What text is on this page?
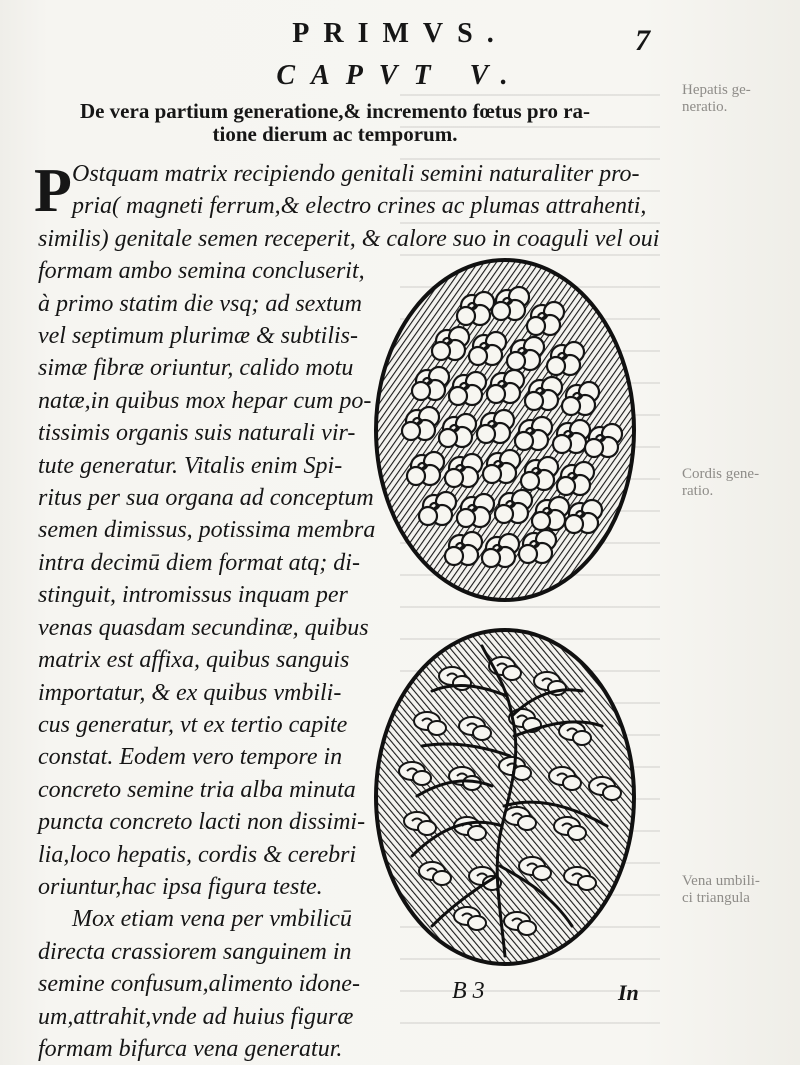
Hepatis ge-
neratio.
Cordis gene-
ratio.
Vena umbili-
ci triangula
PRIMVS.	7
CAPVT V.
De vera partium generatione,& incremento fœtus pro ra-
tione dierum ac temporum.
P Ostquam matrix recipiendo genitali semini naturaliter pro-
pria( magneti ferrum,& electro crines ac plumas attrahenti,
similis) genitale semen receperit, & calore suo in coaguli vel oui
formam ambo semina concluserit,
à primo statim die vsq; ad sextum
vel septimum plurimæ & subtilis-
simæ fibræ oriuntur, calido motu
natæ,in quibus mox hepar cum po-
tissimis organis suis naturali vir-
tute generatur. Vitalis enim Spi-
ritus per sua organa ad conceptum
semen dimissus, potissima membra
intra decimū diem format atq; di-
stinguit, intromissus inquam per
venas quasdam secundinæ, quibus
matrix est affixa, quibus sanguis
importatur, & ex quibus vmbili-
cus generatur, vt ex tertio capite
constat. Eodem vero tempore in
concreto semine tria alba minuta
puncta concreto lacti non dissimi-
lia,loco hepatis, cordis & cerebri
oriuntur,hac ipsa figura teste.
Mox etiam vena per vmbilicū
directa crassiorem sanguinem in
semine confusum,alimento idone-
um,attrahit,vnde ad huius figuræ
formam bifurca vena generatur.
B 3	In
